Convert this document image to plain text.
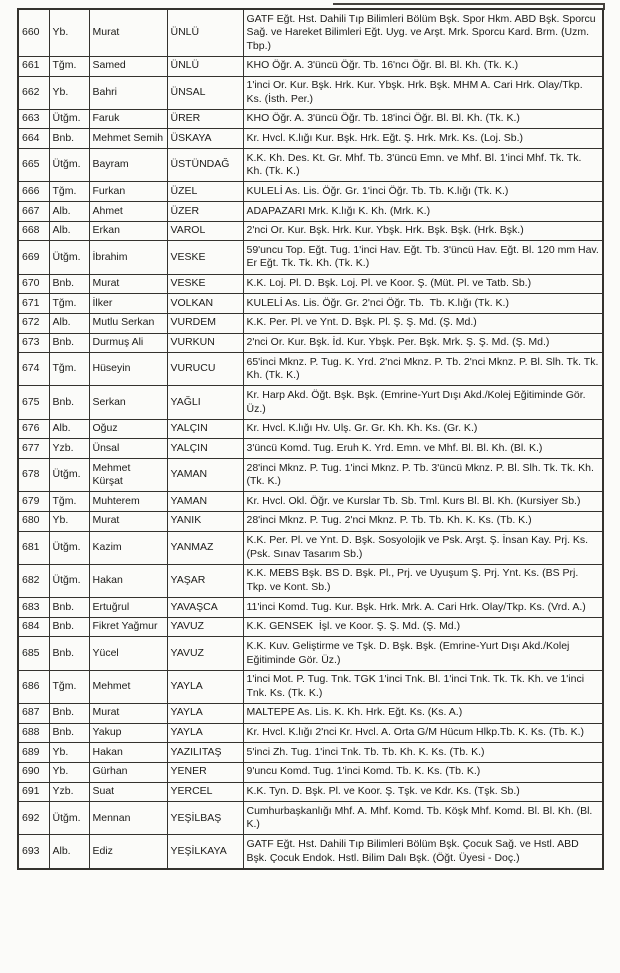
660	Yb.	Murat	ÜNLÜ	GATF Eğt. Hst. Dahili Tıp Bilimleri Bölüm Bşk. Spor Hkm. ABD Bşk. Sporcu Sağ. ve Hareket Bilimleri Eğt. Uyg. ve Arşt. Mrk. Sporcu Kard. Brm. (Uzm. Tbp.)
661	Tğm.	Samed	ÜNLÜ	KHO Öğr. A. 3'üncü Öğr. Tb. 16'ncı Öğr. Bl. Bl. Kh. (Tk. K.)
662	Yb.	Bahri	ÜNSAL	1'inci Or. Kur. Bşk. Hrk. Kur. Ybşk. Hrk. Bşk. MHM A. Cari Hrk. Olay/Tkp. Ks. (İsth. Per.)
663	Ütğm.	Faruk	ÜRER	KHO Öğr. A. 3'üncü Öğr. Tb. 18'inci Öğr. Bl. Bl. Kh. (Tk. K.)
664	Bnb.	Mehmet Semih	ÜSKAYA	Kr. Hvcl. K.lığı Kur. Bşk. Hrk. Eğt. Ş. Hrk. Mrk. Ks. (Loj. Sb.)
665	Ütğm.	Bayram	ÜSTÜNDAĞ	K.K. Kh. Des. Kt. Gr. Mhf. Tb. 3'üncü Emn. ve Mhf. Bl. 1'inci Mhf. Tk. Tk. Kh. (Tk. K.)
666	Tğm.	Furkan	ÜZEL	KULELİ As. Lis. Öğr. Gr. 1'inci Öğr. Tb. Tb. K.lığı (Tk. K.)
667	Alb.	Ahmet	ÜZER	ADAPAZARI Mrk. K.lığı K. Kh. (Mrk. K.)
668	Alb.	Erkan	VAROL	2'nci Or. Kur. Bşk. Hrk. Kur. Ybşk. Hrk. Bşk. Bşk. (Hrk. Bşk.)
669	Ütğm.	İbrahim	VESKE	59'uncu Top. Eğt. Tug. 1'inci Hav. Eğt. Tb. 3'üncü Hav. Eğt. Bl. 120 mm Hav. Er Eğt. Tk. Tk. Kh. (Tk. K.)
670	Bnb.	Murat	VESKE	K.K. Loj. Pl. D. Bşk. Loj. Pl. ve Koor. Ş. (Müt. Pl. ve Tatb. Sb.)
671	Tğm.	İlker	VOLKAN	KULELİ As. Lis. Öğr. Gr. 2'nci Öğr. Tb.  Tb. K.lığı (Tk. K.)
672	Alb.	Mutlu Serkan	VURDEM	K.K. Per. Pl. ve Ynt. D. Bşk. Pl. Ş. Ş. Md. (Ş. Md.)
673	Bnb.	Durmuş Ali	VURKUN	2'nci Or. Kur. Bşk. İd. Kur. Ybşk. Per. Bşk. Mrk. Ş. Ş. Md. (Ş. Md.)
674	Tğm.	Hüseyin	VURUCU	65'inci Mknz. P. Tug. K. Yrd. 2'nci Mknz. P. Tb. 2'nci Mknz. P. Bl. Slh. Tk. Tk. Kh. (Tk. K.)
675	Bnb.	Serkan	YAĞLI	Kr. Harp Akd. Öğt. Bşk. Bşk. (Emrine-Yurt Dışı Akd./Kolej Eğitiminde Gör. Üz.)
676	Alb.	Oğuz	YALÇIN	Kr. Hvcl. K.lığı Hv. Ulş. Gr. Gr. Kh. Kh. Ks. (Gr. K.)
677	Yzb.	Ünsal	YALÇIN	3'üncü Komd. Tug. Eruh K. Yrd. Emn. ve Mhf. Bl. Bl. Kh. (Bl. K.)
678	Ütğm.	Mehmet Kürşat	YAMAN	28'inci Mknz. P. Tug. 1'inci Mknz. P. Tb. 3'üncü Mknz. P. Bl. Slh. Tk. Tk. Kh. (Tk. K.)
679	Tğm.	Muhterem	YAMAN	Kr. Hvcl. Okl. Öğr. ve Kurslar Tb. Sb. Tml. Kurs Bl. Bl. Kh. (Kursiyer Sb.)
680	Yb.	Murat	YANIK	28'inci Mknz. P. Tug. 2'nci Mknz. P. Tb. Tb. Kh. K. Ks. (Tb. K.)
681	Ütğm.	Kazim	YANMAZ	K.K. Per. Pl. ve Ynt. D. Bşk. Sosyolojik ve Psk. Arşt. Ş. İnsan Kay. Prj. Ks. (Psk. Sınav Tasarım Sb.)
682	Ütğm.	Hakan	YAŞAR	K.K. MEBS Bşk. BS D. Bşk. Pl., Prj. ve Uyuşum Ş. Prj. Ynt. Ks. (BS Prj. Tkp. ve Kont. Sb.)
683	Bnb.	Ertuğrul	YAVAŞCA	11'inci Komd. Tug. Kur. Bşk. Hrk. Mrk. A. Cari Hrk. Olay/Tkp. Ks. (Vrd. A.)
684	Bnb.	Fikret Yağmur	YAVUZ	K.K. GENSEK  İşl. ve Koor. Ş. Ş. Md. (Ş. Md.)
685	Bnb.	Yücel	YAVUZ	K.K. Kuv. Geliştirme ve Tşk. D. Bşk. Bşk. (Emrine-Yurt Dışı Akd./Kolej Eğitiminde Gör. Üz.)
686	Tğm.	Mehmet	YAYLA	1'inci Mot. P. Tug. Tnk. TGK 1'inci Tnk. Bl. 1'inci Tnk. Tk. Tk. Kh. ve 1'inci Tnk. Ks. (Tk. K.)
687	Bnb.	Murat	YAYLA	MALTEPE As. Lis. K. Kh. Hrk. Eğt. Ks. (Ks. A.)
688	Bnb.	Yakup	YAYLA	Kr. Hvcl. K.lığı 2'nci Kr. Hvcl. A. Orta G/M Hücum Hlkp.Tb. K. Ks. (Tb. K.)
689	Yb.	Hakan	YAZILITAŞ	5'inci Zh. Tug. 1'inci Tnk. Tb. Tb. Kh. K. Ks. (Tb. K.)
690	Yb.	Gürhan	YENER	9'uncu Komd. Tug. 1'inci Komd. Tb. K. Ks. (Tb. K.)
691	Yzb.	Suat	YERCEL	K.K. Tyn. D. Bşk. Pl. ve Koor. Ş. Tşk. ve Kdr. Ks. (Tşk. Sb.)
692	Ütğm.	Mennan	YEŞİLBAŞ	Cumhurbaşkanlığı Mhf. A. Mhf. Komd. Tb. Köşk Mhf. Komd. Bl. Bl. Kh. (Bl. K.)
693	Alb.	Ediz	YEŞİLKAYA	GATF Eğt. Hst. Dahili Tıp Bilimleri Bölüm Bşk. Çocuk Sağ. ve Hstl. ABD Bşk. Çocuk Endok. Hstl. Bilim Dalı Bşk. (Öğt. Üyesi - Doç.)
